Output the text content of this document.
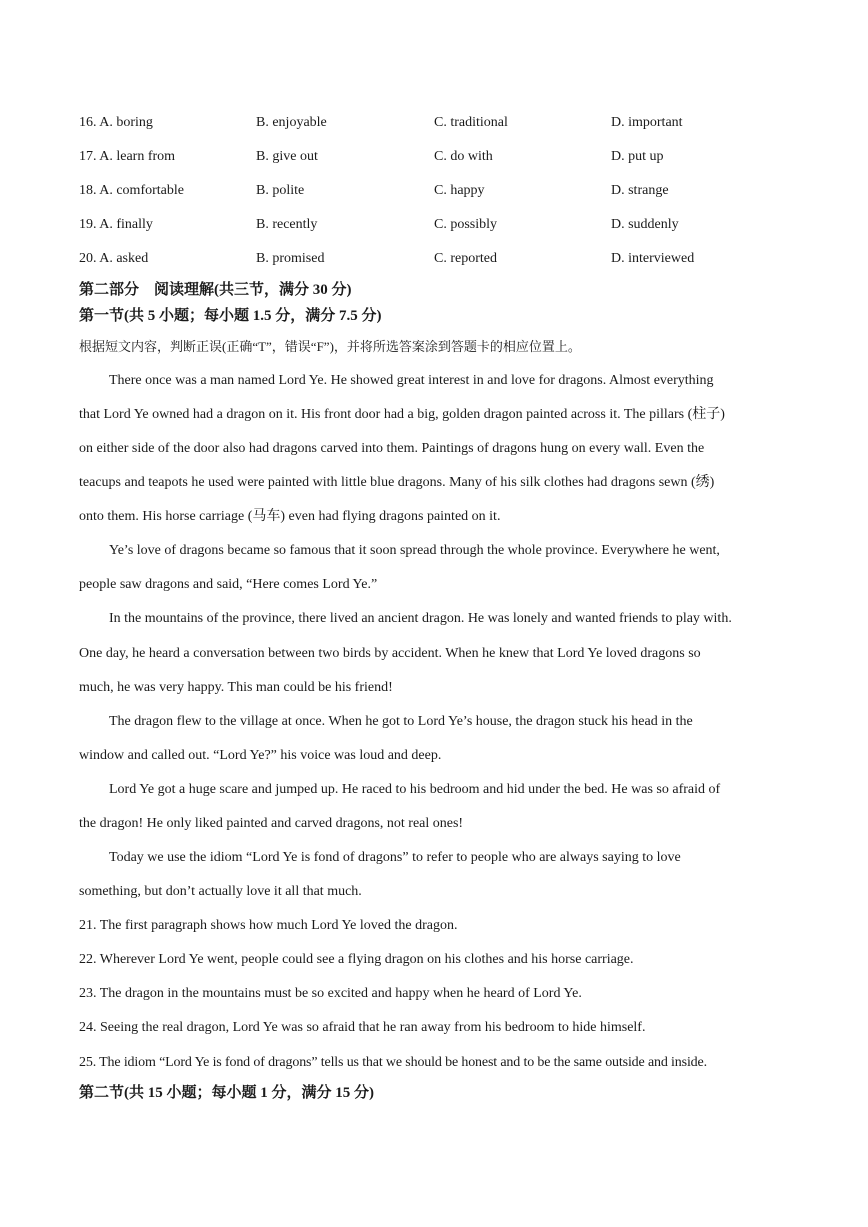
16. A. boring	B. enjoyable	C. traditional	D. important
17. A. learn from	B. give out	C. do with	D. put up
18. A. comfortable	B. polite	C. happy	D. strange
19. A. finally	B. recently	C. possibly	D. suddenly
20. A. asked	B. promised	C. reported	D. interviewed
第二部分　阅读理解(共三节，满分 30 分)
第一节(共 5 小题；每小题 1.5 分，满分 7.5 分)
根据短文内容，判断正误(正确“T”，错误“F”)，并将所选答案涂到答题卡的相应位置上。
There once was a man named Lord Ye. He showed great interest in and love for dragons. Almost everything
that Lord Ye owned had a dragon on it. His front door had a big, golden dragon painted across it. The pillars (柱子)
on either side of the door also had dragons carved into them. Paintings of dragons hung on every wall. Even the
teacups and teapots he used were painted with little blue dragons. Many of his silk clothes had dragons sewn (绣)
onto them. His horse carriage (马车) even had flying dragons painted on it.
Ye’s love of dragons became so famous that it soon spread through the whole province. Everywhere he went,
people saw dragons and said, “Here comes Lord Ye.”
In the mountains of the province, there lived an ancient dragon. He was lonely and wanted friends to play with.
One day, he heard a conversation between two birds by accident. When he knew that Lord Ye loved dragons so
much, he was very happy. This man could be his friend!
The dragon flew to the village at once. When he got to Lord Ye’s house, the dragon stuck his head in the
window and called out. “Lord Ye?” his voice was loud and deep.
Lord Ye got a huge scare and jumped up. He raced to his bedroom and hid under the bed. He was so afraid of
the dragon! He only liked painted and carved dragons, not real ones!
Today we use the idiom “Lord Ye is fond of dragons” to refer to people who are always saying to love
something, but don’t actually love it all that much.
21. The first paragraph shows how much Lord Ye loved the dragon.
22. Wherever Lord Ye went, people could see a flying dragon on his clothes and his horse carriage.
23. The dragon in the mountains must be so excited and happy when he heard of Lord Ye.
24. Seeing the real dragon, Lord Ye was so afraid that he ran away from his bedroom to hide himself.
25. The idiom “Lord Ye is fond of dragons” tells us that we should be honest and to be the same outside and inside.
第二节(共 15 小题；每小题 1 分，满分 15 分)
